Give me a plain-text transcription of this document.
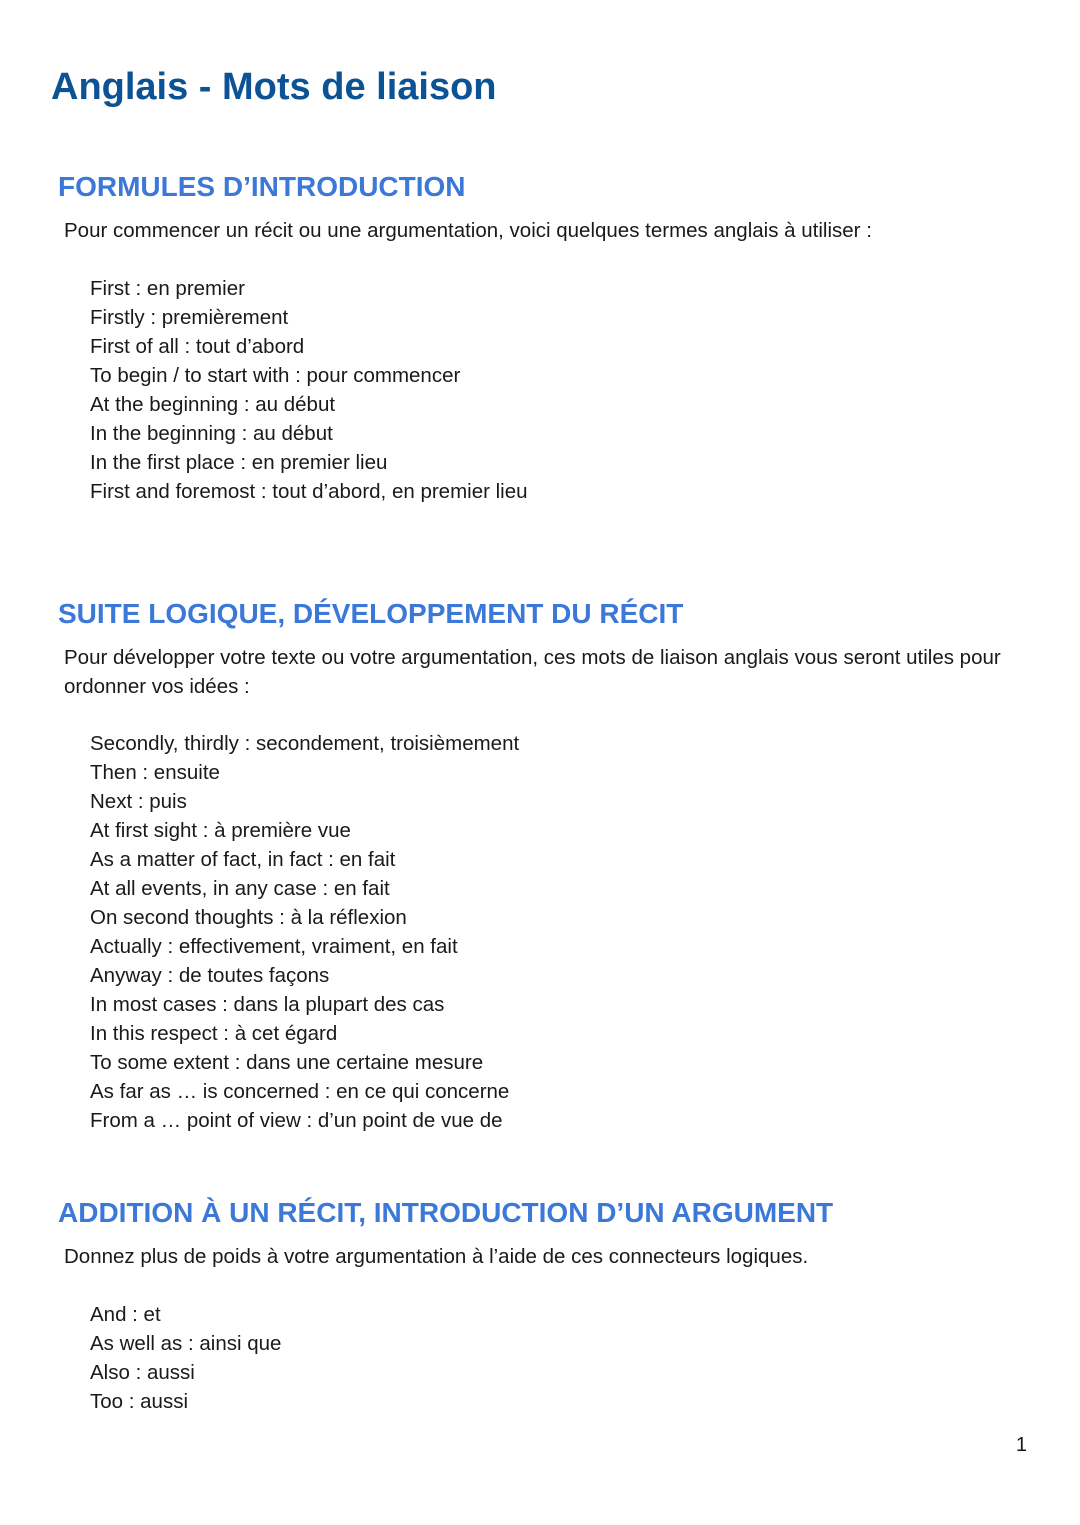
Anglais - Mots de liaison
FORMULES D’INTRODUCTION

Pour commencer un récit ou une argumentation, voici quelques termes anglais à utiliser :

First : en premier
Firstly : premièrement
First of all : tout d’abord
To begin / to start with : pour commencer
At the beginning : au début
In the beginning : au début
In the first place : en premier lieu
First and foremost : tout d’abord, en premier lieu
SUITE LOGIQUE, DÉVELOPPEMENT DU RÉCIT

Pour développer votre texte ou votre argumentation, ces mots de liaison anglais vous seront utiles pour ordonner vos idées :

Secondly, thirdly : secondement, troisièmement
Then : ensuite
Next : puis
At first sight : à première vue
As a matter of fact, in fact : en fait
At all events, in any case : en fait
On second thoughts : à la réflexion
Actually : effectivement, vraiment, en fait
Anyway : de toutes façons
In most cases : dans la plupart des cas
In this respect : à cet égard
To some extent : dans une certaine mesure
As far as … is concerned : en ce qui concerne
From a … point of view : d’un point de vue de
ADDITION À UN RÉCIT, INTRODUCTION D’UN ARGUMENT

Donnez plus de poids à votre argumentation à l’aide de ces connecteurs logiques.

And : et
As well as : ainsi que
Also : aussi
Too : aussi
1
